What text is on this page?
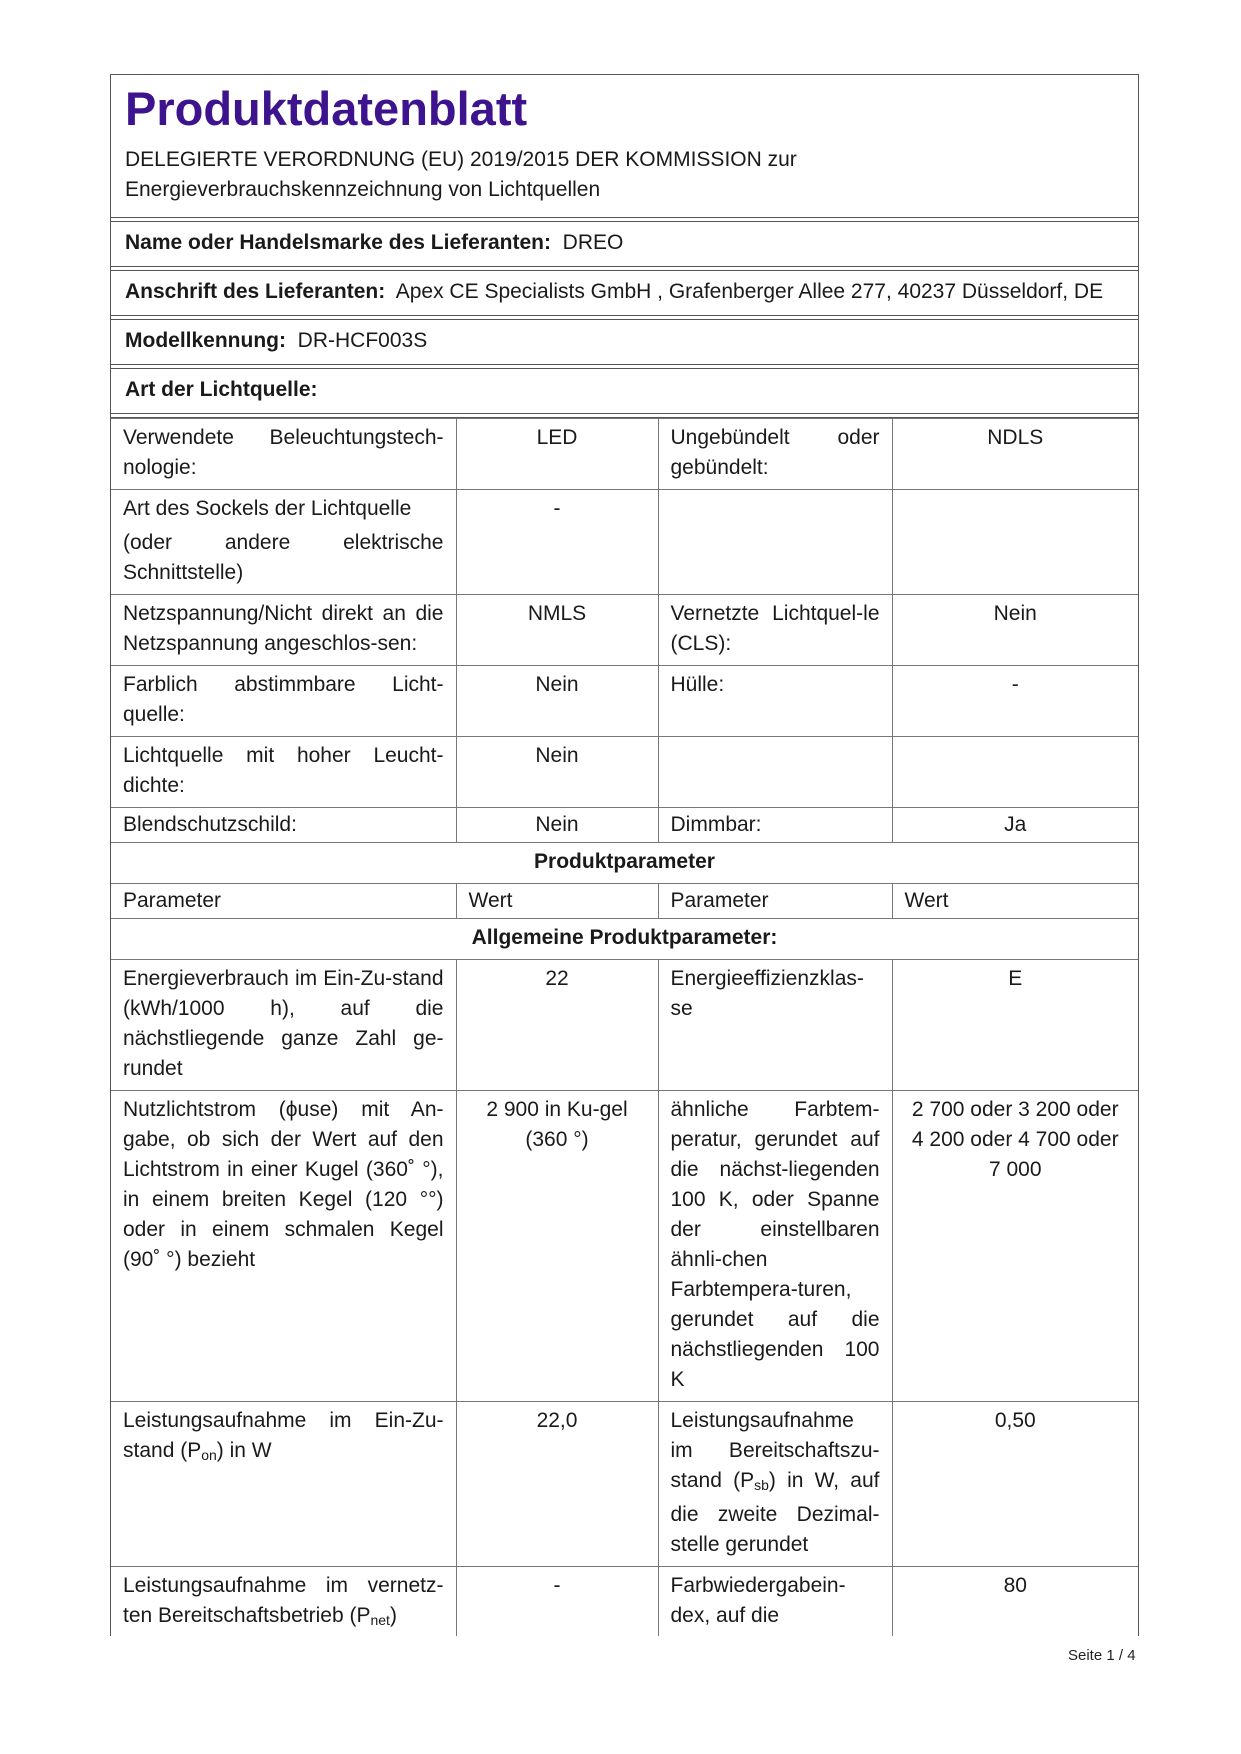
Produktdatenblatt
DELEGIERTE VERORDNUNG (EU) 2019/2015 DER KOMMISSION zur
Energieverbrauchskennzeichnung von Lichtquellen
Name oder Handelsmarke des Lieferanten: DREO
Anschrift des Lieferanten: Apex CE Specialists GmbH , Grafenberger Allee 277, 40237 Düsseldorf, DE
Modellkennung: DR-HCF003S
Art der Lichtquelle:
Verwendete Beleuchtungstech-nologie:	LED	Ungebündelt oder gebündelt:	NDLS

Art des Sockels der Lichtquelle
(oder andere elektrische Schnittstelle)	-		
Netzspannung/Nicht direkt an die Netzspannung angeschlos-sen:	NMLS	Vernetzte Lichtquel-le (CLS):	Nein
Farblich abstimmbare Licht-quelle:	Nein	Hülle:	-
Lichtquelle mit hoher Leucht-dichte:	Nein		
Blendschutzschild:	Nein	Dimmbar:	Ja
Produktparameter			
Parameter	Wert	Parameter	Wert
Allgemeine Produktparameter:			
Energieverbrauch im Ein-Zu-stand (kWh/1000 h), auf die nächstliegende ganze Zahl ge-rundet	22	Energieeffizienzklas-se	E
Nutzlichtstrom (ϕuse) mit An-gabe, ob sich der Wert auf den Lichtstrom in einer Kugel (360˚ °), in einem breiten Kegel (120 °°) oder in einem schmalen Kegel (90˚ °) bezieht	2 900 in Ku-gel (360 °)	ähnliche Farbtem-peratur, gerundet auf die nächst-liegenden 100 K, oder Spanne der einstellbaren ähnli-chen Farbtempera-turen, gerundet auf die nächstliegenden 100 K	2 700 oder 3 200 oder 4 200 oder 4 700 oder 7 000
Leistungsaufnahme im Ein-Zu-stand $(P_{on})$ in W	22,0	Leistungsaufnahme im Bereitschaftszu-stand $(P_{sb})$ in W, auf die zweite Dezimal-stelle gerundet	0,50
Leistungsaufnahme im vernetz-ten Bereitschaftsbetrieb $(P_{net})$	-	Farbwiedergabein-dex, auf die	80
Seite 1 / 4
